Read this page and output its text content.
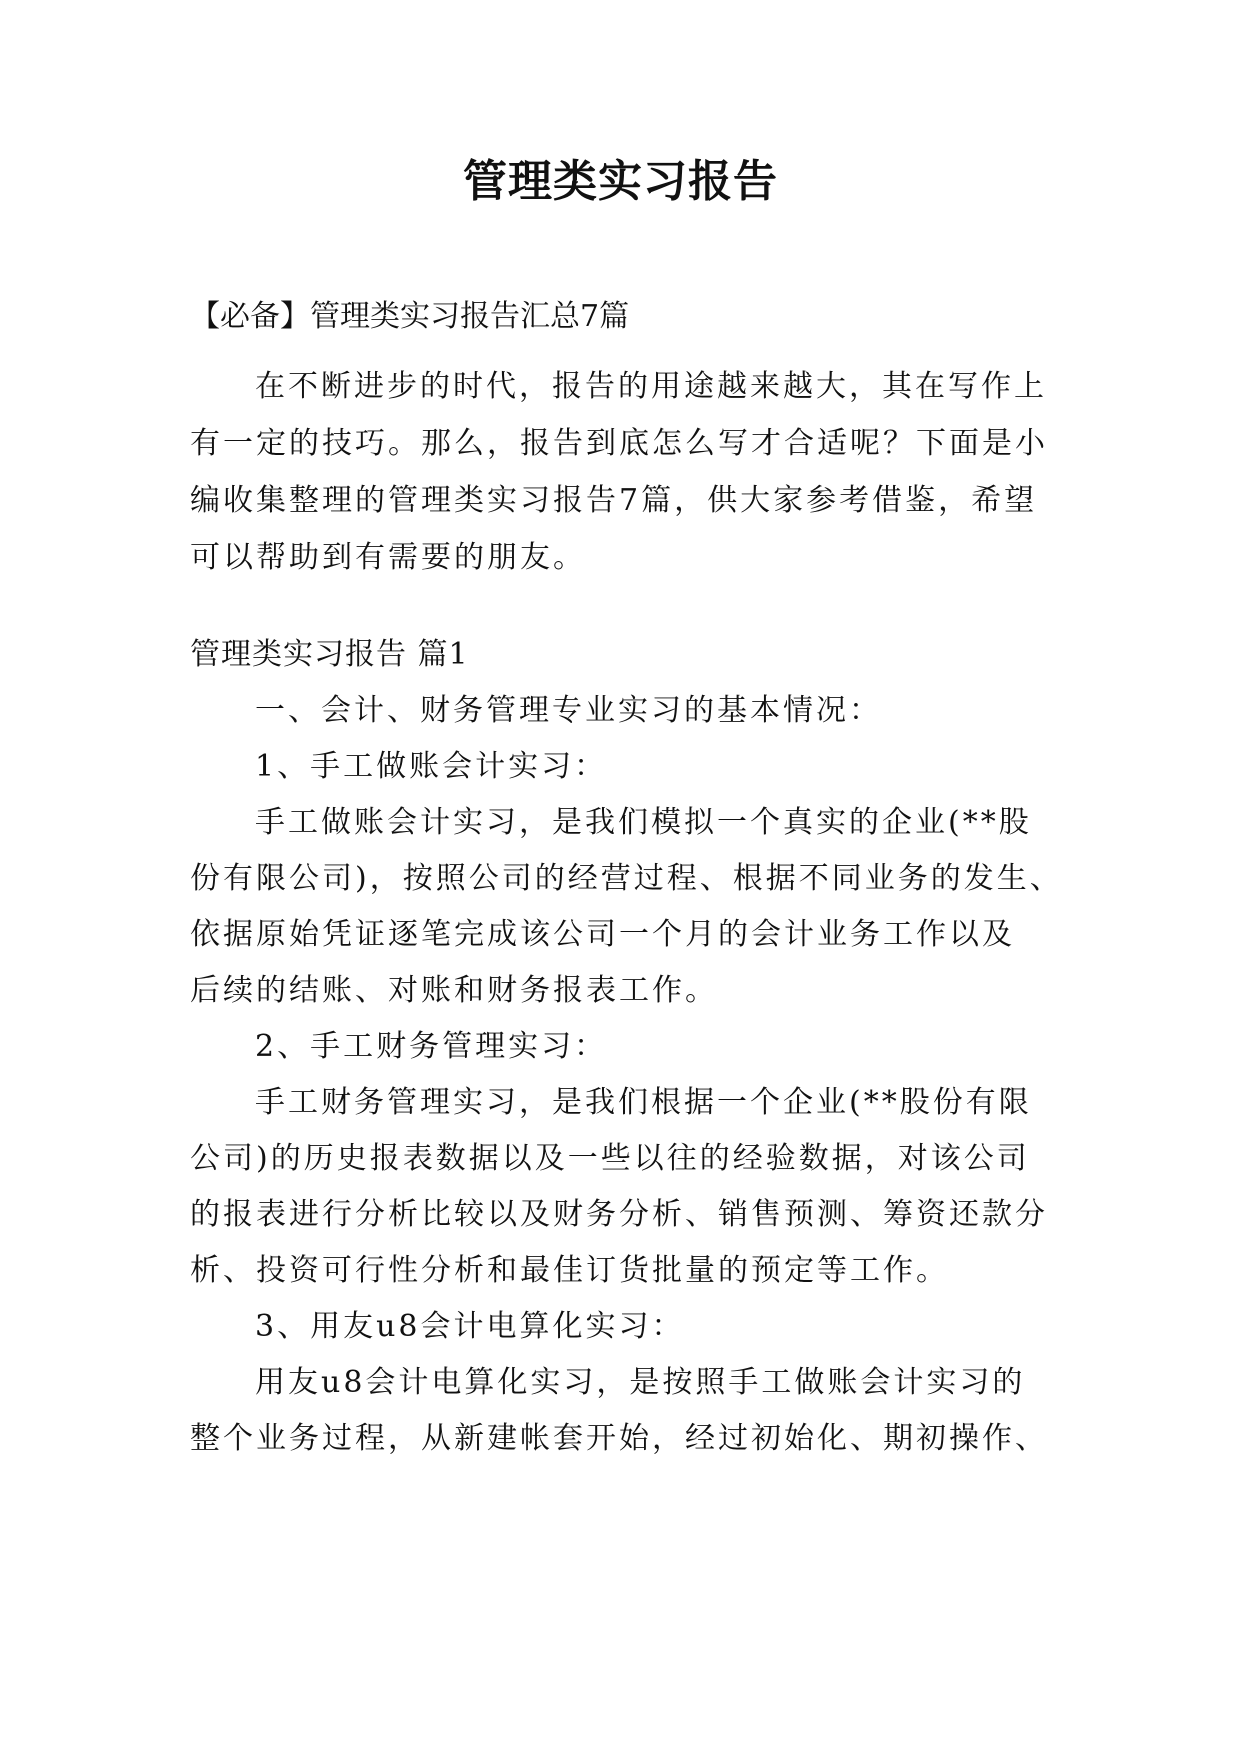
管理类实习报告
【必备】管理类实习报告汇总7篇
在不断进步的时代，报告的用途越来越大，其在写作上
有一定的技巧。那么，报告到底怎么写才合适呢？下面是小
编收集整理的管理类实习报告7篇，供大家参考借鉴，希望
可以帮助到有需要的朋友。
管理类实习报告 篇1
一、会计、财务管理专业实习的基本情况：
1、手工做账会计实习：
手工做账会计实习，是我们模拟一个真实的企业(**股
份有限公司)，按照公司的经营过程、根据不同业务的发生、
依据原始凭证逐笔完成该公司一个月的会计业务工作以及
后续的结账、对账和财务报表工作。
2、手工财务管理实习：
手工财务管理实习，是我们根据一个企业(**股份有限
公司)的历史报表数据以及一些以往的经验数据，对该公司
的报表进行分析比较以及财务分析、销售预测、筹资还款分
析、投资可行性分析和最佳订货批量的预定等工作。
3、用友u8会计电算化实习：
用友u8会计电算化实习，是按照手工做账会计实习的
整个业务过程，从新建帐套开始，经过初始化、期初操作、
